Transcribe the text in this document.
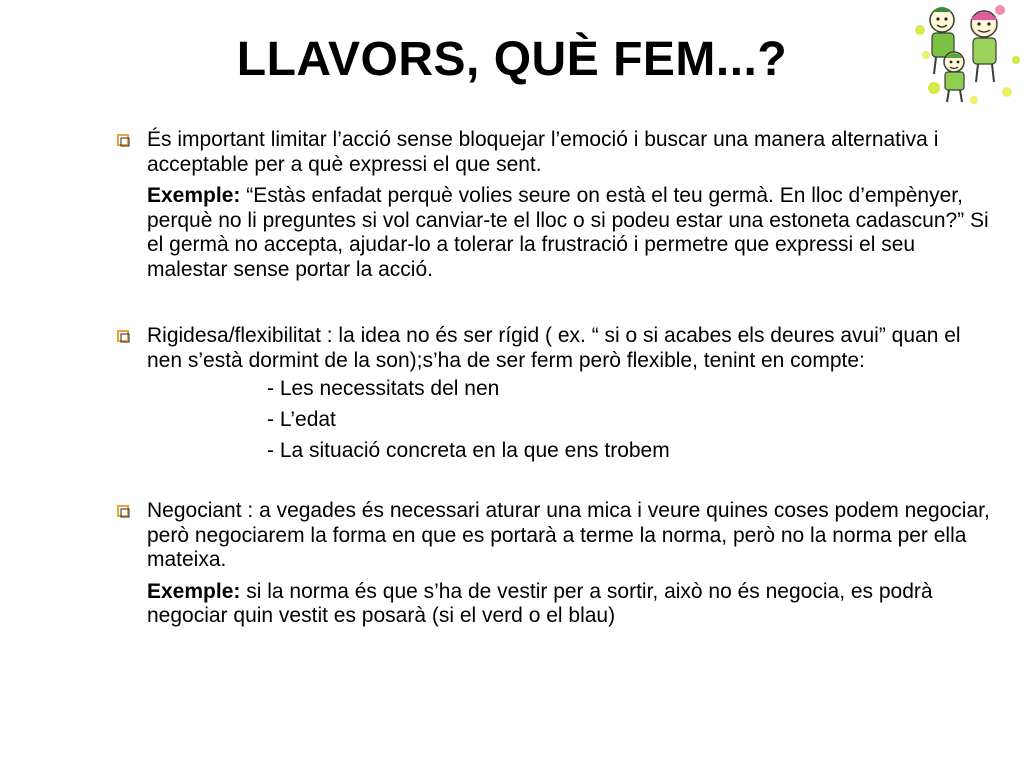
LLAVORS, QUÈ FEM...?
És important limitar l’acció sense bloquejar l’emoció i buscar una manera alternativa i acceptable per a què expressi el que sent.
Exemple: “Estàs enfadat perquè volies seure on està el teu germà. En lloc d’empènyer, perquè no li preguntes si vol canviar-te el lloc o si podeu estar una estoneta cadascun?” Si el germà no accepta, ajudar-lo a tolerar la frustració i permetre que expressi el seu malestar sense portar la acció.
Rigidesa/flexibilitat : la idea no és ser rígid ( ex. “ si o si acabes els deures avui” quan el nen s’està dormint de la son);s’ha de ser ferm però flexible, tenint en compte:
- Les necessitats del nen
- L’edat
- La situació concreta en la que ens trobem
Negociant : a vegades és necessari aturar una mica i veure quines coses podem negociar, però negociarem la forma en que es portarà a terme la norma, però no la norma per ella mateixa.
Exemple: si la norma és que s’ha de vestir per a sortir, això no és negocia, es podrà negociar quin vestit es posarà (si el verd o el blau)
